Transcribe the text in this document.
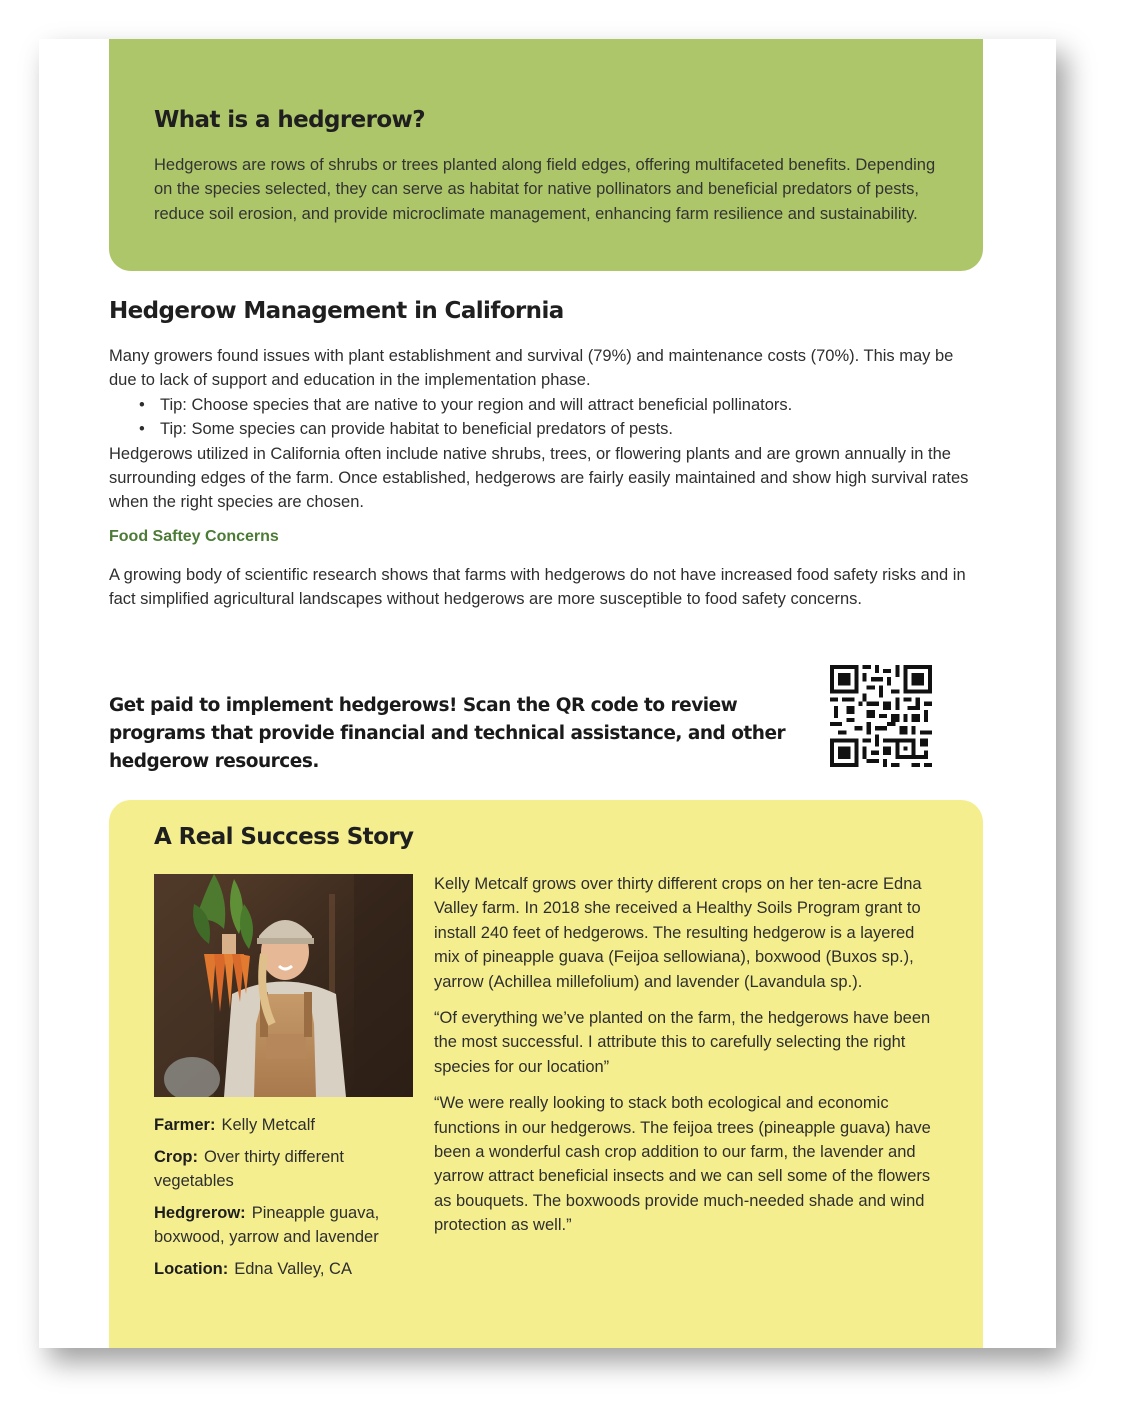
What is a hedgrerow?

Hedgerows are rows of shrubs or trees planted along field edges, offering multifaceted benefits. Depending on the species selected, they can serve as habitat for native pollinators and beneficial predators of pests, reduce soil erosion, and provide microclimate management, enhancing farm resilience and sustainability.

Hedgerow Management in California

Many growers found issues with plant establishment and survival (79%) and maintenance costs (70%). This may be due to lack of support and education in the implementation phase.

• Tip: Choose species that are native to your region and will attract beneficial pollinators.
• Tip: Some species can provide habitat to beneficial predators of pests.

Hedgerows utilized in California often include native shrubs, trees, or flowering plants and are grown annually in the surrounding edges of the farm. Once established, hedgerows are fairly easily maintained and show high survival rates when the right species are chosen.

Food Saftey Concerns

A growing body of scientific research shows that farms with hedgerows do not have increased food safety risks and in fact simplified agricultural landscapes without hedgerows are more susceptible to food safety concerns.

Get paid to implement hedgerows! Scan the QR code to review programs that provide financial and technical assistance, and other hedgerow resources.

A Real Success Story

Farmer: Kelly Metcalf

Crop: Over thirty different vegetables

Hedgrerow: Pineapple guava, boxwood, yarrow and lavender

Location: Edna Valley, CA

Kelly Metcalf grows over thirty different crops on her ten-acre Edna Valley farm. In 2018 she received a Healthy Soils Program grant to install 240 feet of hedgerows. The resulting hedgerow is a layered mix of pineapple guava (Feijoa sellowiana), boxwood (Buxos sp.), yarrow (Achillea millefolium) and lavender (Lavandula sp.).

“Of everything we’ve planted on the farm, the hedgerows have been the most successful. I attribute this to carefully selecting the right species for our location”

“We were really looking to stack both ecological and economic functions in our hedgerows. The feijoa trees (pineapple guava) have been a wonderful cash crop addition to our farm, the lavender and yarrow attract beneficial insects and we can sell some of the flowers as bouquets. The boxwoods provide much-needed shade and wind protection as well.”
